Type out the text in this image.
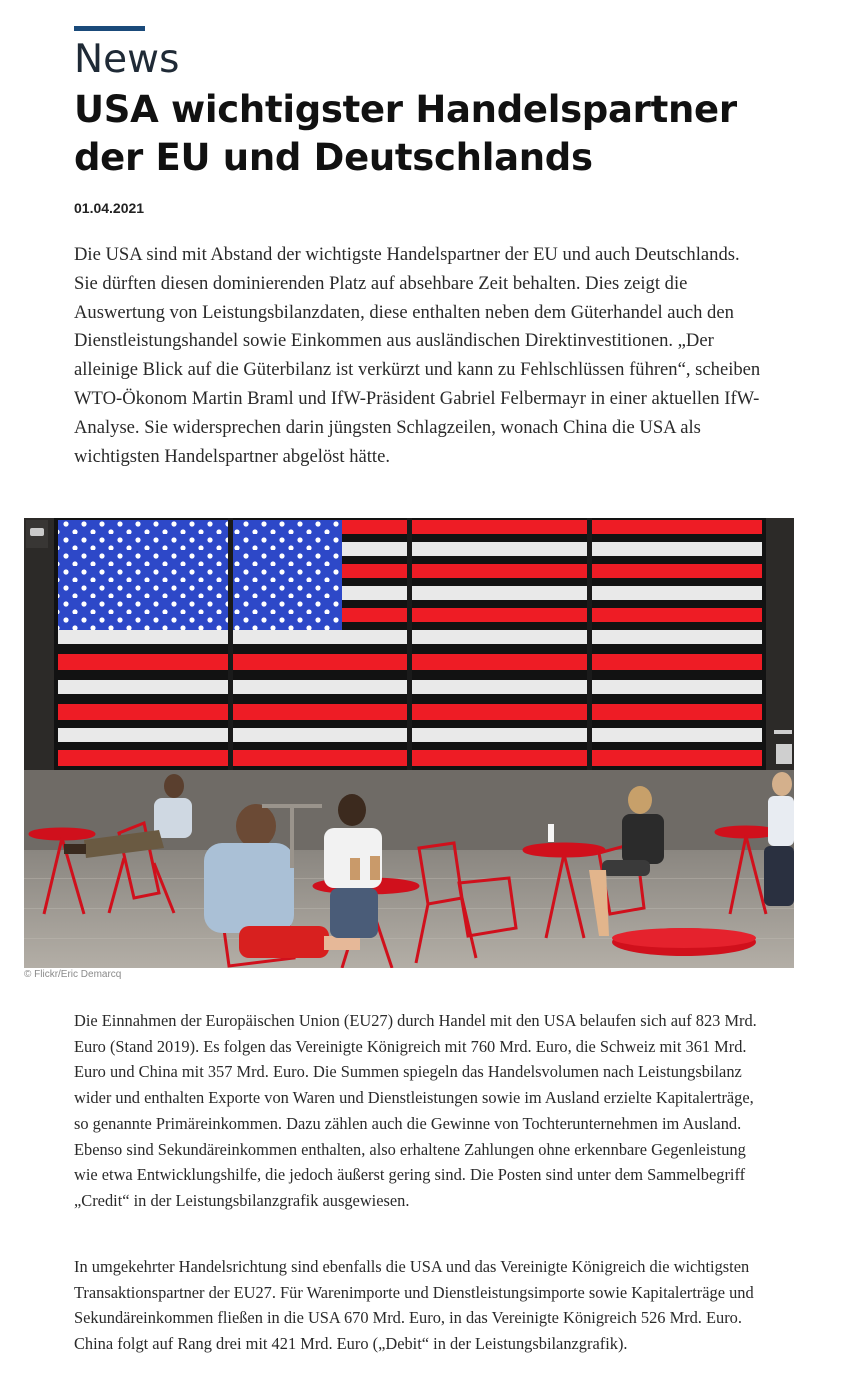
News
USA wichtigster Handelspartner der EU und Deutschlands
01.04.2021

Die USA sind mit Abstand der wichtigste Handelspartner der EU und auch Deutschlands. Sie dürften diesen dominierenden Platz auf absehbare Zeit behalten. Dies zeigt die Auswertung von Leistungsbilanzdaten, diese enthalten neben dem Güterhandel auch den Dienstleistungshandel sowie Einkommen aus ausländischen Direktinvestitionen. „Der alleinige Blick auf die Güterbilanz ist verkürzt und kann zu Fehlschlüssen führen“, scheiben WTO-Ökonom Martin Braml und IfW-Präsident Gabriel Felbermayr in einer aktuellen IfW-Analyse. Sie widersprechen darin jüngsten Schlagzeilen, wonach China die USA als wichtigsten Handelspartner abgelöst hätte.

© Flickr/Eric Demarcq

Die Einnahmen der Europäischen Union (EU27) durch Handel mit den USA belaufen sich auf 823 Mrd. Euro (Stand 2019). Es folgen das Vereinigte Königreich mit 760 Mrd. Euro, die Schweiz mit 361 Mrd. Euro und China mit 357 Mrd. Euro. Die Summen spiegeln das Handelsvolumen nach Leistungsbilanz wider und enthalten Exporte von Waren und Dienstleistungen sowie im Ausland erzielte Kapitalerträge, so genannte Primäreinkommen. Dazu zählen auch die Gewinne von Tochterunternehmen im Ausland. Ebenso sind Sekundäreinkommen enthalten, also erhaltene Zahlungen ohne erkennbare Gegenleistung wie etwa Entwicklungshilfe, die jedoch äußerst gering sind. Die Posten sind unter dem Sammelbegriff „Credit“ in der Leistungsbilanzgrafik ausgewiesen.

In umgekehrter Handelsrichtung sind ebenfalls die USA und das Vereinigte Königreich die wichtigsten Transaktionspartner der EU27. Für Warenimporte und Dienstleistungsimporte sowie Kapitalerträge und Sekundäreinkommen fließen in die USA 670 Mrd. Euro, in das Vereinigte Königreich 526 Mrd. Euro. China folgt auf Rang drei mit 421 Mrd. Euro („Debit“ in der Leistungsbilanzgrafik).
